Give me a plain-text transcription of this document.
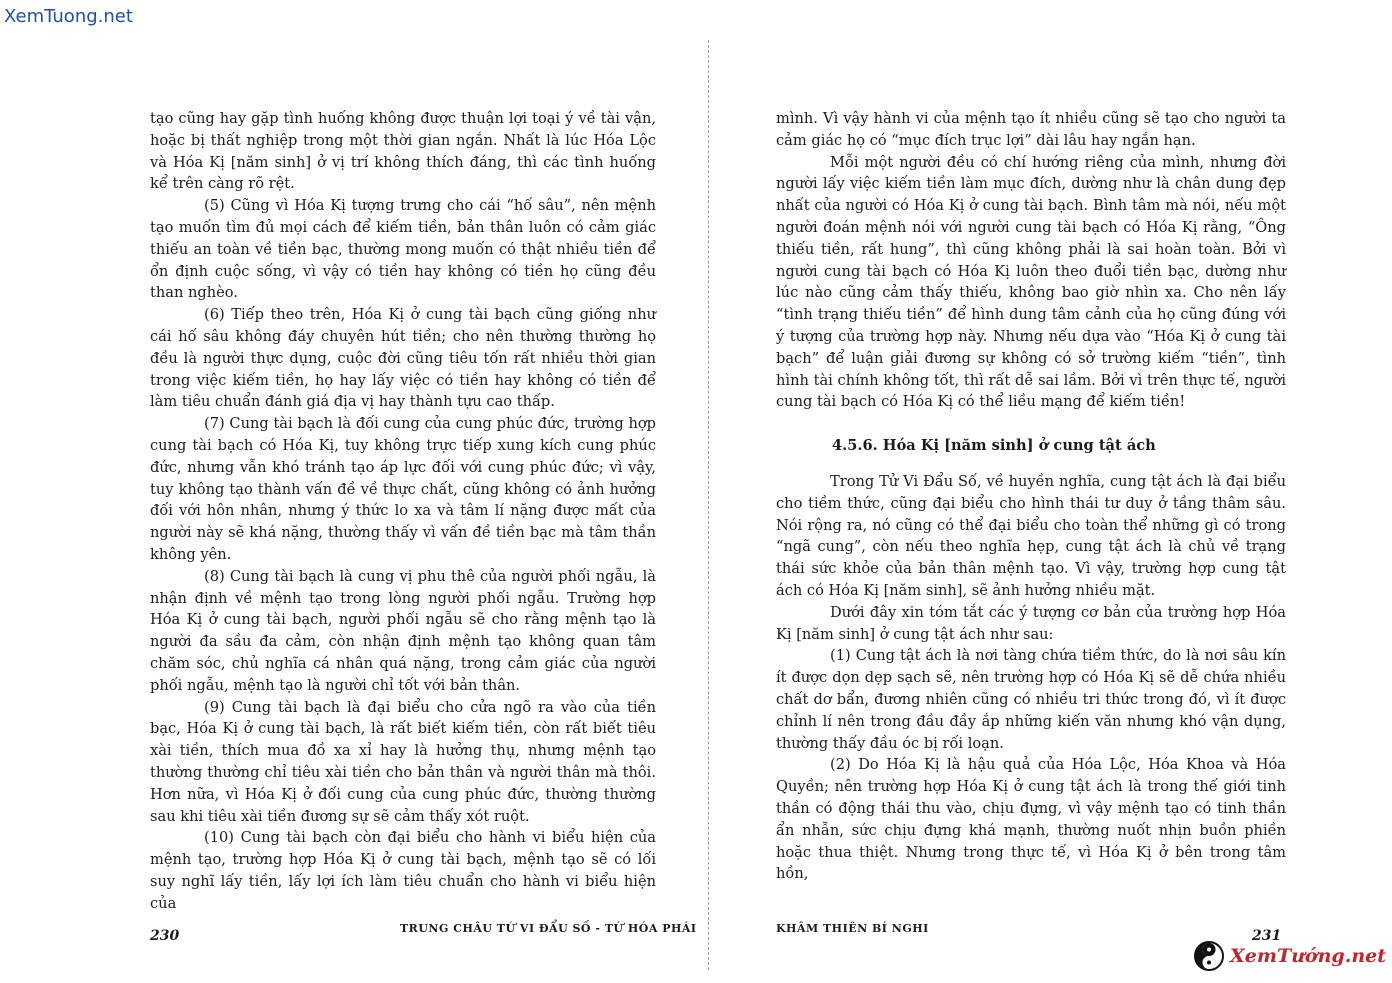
XemTuong.net

tạo cũng hay gặp tình huống không được thuận lợi toại ý về tài vận, hoặc bị thất nghiệp trong một thời gian ngắn. Nhất là lúc Hóa Lộc và Hóa Kị [năm sinh] ở vị trí không thích đáng, thì các tình huống kể trên càng rõ rệt.

(5) Cũng vì Hóa Kị tượng trưng cho cái “hố sâu”, nên mệnh tạo muốn tìm đủ mọi cách để kiếm tiền, bản thân luôn có cảm giác thiếu an toàn về tiền bạc, thường mong muốn có thật nhiều tiền để ổn định cuộc sống, vì vậy có tiền hay không có tiền họ cũng đều than nghèo.

(6) Tiếp theo trên, Hóa Kị ở cung tài bạch cũng giống như cái hố sâu không đáy chuyên hút tiền; cho nên thường thường họ đều là người thực dụng, cuộc đời cũng tiêu tốn rất nhiều thời gian trong việc kiếm tiền, họ hay lấy việc có tiền hay không có tiền để làm tiêu chuẩn đánh giá địa vị hay thành tựu cao thấp.

(7) Cung tài bạch là đối cung của cung phúc đức, trường hợp cung tài bạch có Hóa Kị, tuy không trực tiếp xung kích cung phúc đức, nhưng vẫn khó tránh tạo áp lực đối với cung phúc đức; vì vậy, tuy không tạo thành vấn đề về thực chất, cũng không có ảnh hưởng đối với hôn nhân, nhưng ý thức lo xa và tâm lí nặng được mất của người này sẽ khá nặng, thường thấy vì vấn đề tiền bạc mà tâm thần không yên.

(8) Cung tài bạch là cung vị phu thê của người phối ngẫu, là nhận định về mệnh tạo trong lòng người phối ngẫu. Trường hợp Hóa Kị ở cung tài bạch, người phối ngẫu sẽ cho rằng mệnh tạo là người đa sầu đa cảm, còn nhận định mệnh tạo không quan tâm chăm sóc, chủ nghĩa cá nhân quá nặng, trong cảm giác của người phối ngẫu, mệnh tạo là người chỉ tốt với bản thân.

(9) Cung tài bạch là đại biểu cho cửa ngõ ra vào của tiền bạc, Hóa Kị ở cung tài bạch, là rất biết kiếm tiền, còn rất biết tiêu xài tiền, thích mua đồ xa xỉ hay là hưởng thụ, nhưng mệnh tạo thường thường chỉ tiêu xài tiền cho bản thân và người thân mà thôi. Hơn nữa, vì Hóa Kị ở đối cung của cung phúc đức, thường thường sau khi tiêu xài tiền đương sự sẽ cảm thấy xót ruột.

(10) Cung tài bạch còn đại biểu cho hành vi biểu hiện của mệnh tạo, trường hợp Hóa Kị ở cung tài bạch, mệnh tạo sẽ có lối suy nghĩ lấy tiền, lấy lợi ích làm tiêu chuẩn cho hành vi biểu hiện của

mình. Vì vậy hành vi của mệnh tạo ít nhiều cũng sẽ tạo cho người ta cảm giác họ có “mục đích trục lợi” dài lâu hay ngắn hạn.

Mỗi một người đều có chí hướng riêng của mình, nhưng đời người lấy việc kiếm tiền làm mục đích, dường như là chân dung đẹp nhất của người có Hóa Kị ở cung tài bạch. Bình tâm mà nói, nếu một người đoán mệnh nói với người cung tài bạch có Hóa Kị rằng, “Ông thiếu tiền, rất hung”, thì cũng không phải là sai hoàn toàn. Bởi vì người cung tài bạch có Hóa Kị luôn theo đuổi tiền bạc, dường như lúc nào cũng cảm thấy thiếu, không bao giờ nhìn xa. Cho nên lấy “tình trạng thiếu tiền” để hình dung tâm cảnh của họ cũng đúng với ý tượng của trường hợp này. Nhưng nếu dựa vào “Hóa Kị ở cung tài bạch” để luận giải đương sự không có sở trường kiếm “tiền”, tình hình tài chính không tốt, thì rất dễ sai lầm. Bởi vì trên thực tế, người cung tài bạch có Hóa Kị có thể liều mạng để kiếm tiền!

4.5.6. Hóa Kị [năm sinh] ở cung tật ách

Trong Tử Vi Đẩu Số, về huyền nghĩa, cung tật ách là đại biểu cho tiềm thức, cũng đại biểu cho hình thái tư duy ở tầng thâm sâu. Nói rộng ra, nó cũng có thể đại biểu cho toàn thể những gì có trong “ngã cung”, còn nếu theo nghĩa hẹp, cung tật ách là chủ về trạng thái sức khỏe của bản thân mệnh tạo. Vì vậy, trường hợp cung tật ách có Hóa Kị [năm sinh], sẽ ảnh hưởng nhiều mặt.

Dưới đây xin tóm tắt các ý tượng cơ bản của trường hợp Hóa Kị [năm sinh] ở cung tật ách như sau:

(1) Cung tật ách là nơi tàng chứa tiềm thức, do là nơi sâu kín ít được dọn dẹp sạch sẽ, nên trường hợp có Hóa Kị sẽ dễ chứa nhiều chất dơ bẩn, đương nhiên cũng có nhiều tri thức trong đó, vì ít được chỉnh lí nên trong đầu đầy ắp những kiến văn nhưng khó vận dụng, thường thấy đầu óc bị rối loạn.

(2) Do Hóa Kị là hậu quả của Hóa Lộc, Hóa Khoa và Hóa Quyền; nên trường hợp Hóa Kị ở cung tật ách là trong thế giới tinh thần có động thái thu vào, chịu đựng, vì vậy mệnh tạo có tinh thần ẩn nhẫn, sức chịu đựng khá mạnh, thường nuốt nhịn buồn phiền hoặc thua thiệt. Nhưng trong thực tế, vì Hóa Kị ở bên trong tâm hồn,

230	TRUNG CHÂU TỨ VI ĐẨU SỐ - TỨ HÓA PHÁI	KHÂM THIÊN BÍ NGHI	231
XemTướng.net
